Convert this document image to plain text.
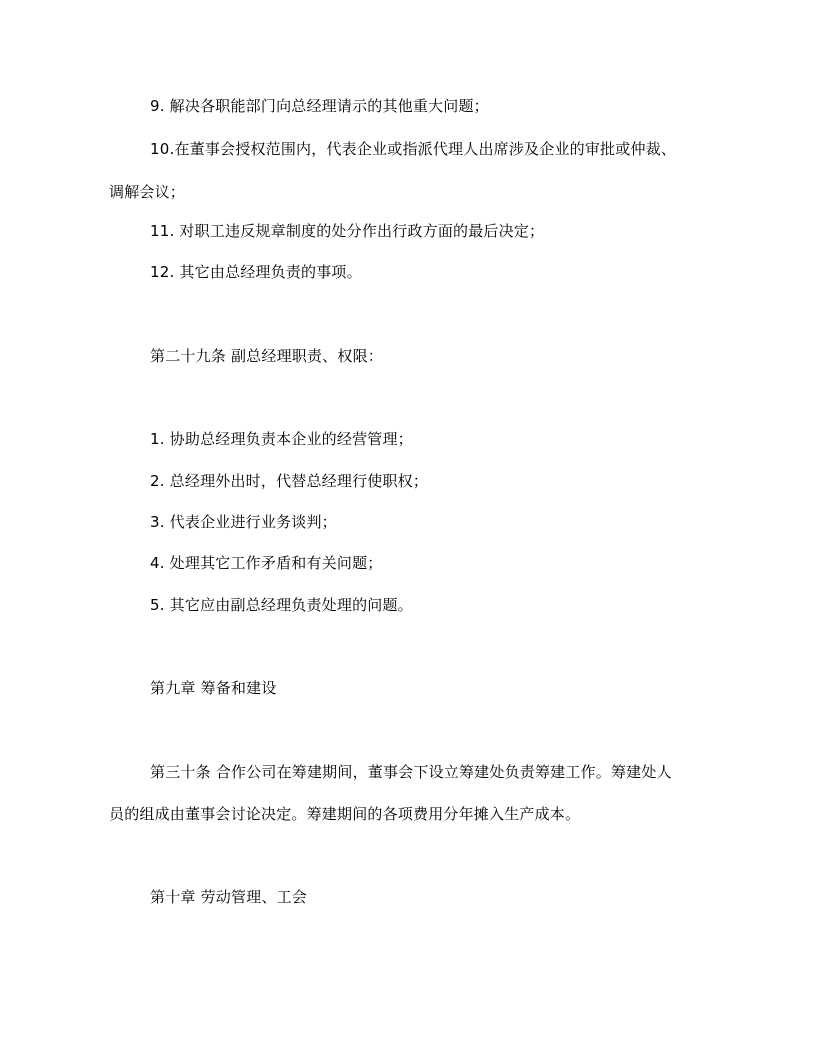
9. 解决各职能部门向总经理请示的其他重大问题；
10.在董事会授权范围内，代表企业或指派代理人出席涉及企业的审批或仲裁、
调解会议；
11. 对职工违反规章制度的处分作出行政方面的最后决定；
12. 其它由总经理负责的事项。
第二十九条 副总经理职责、权限：
1. 协助总经理负责本企业的经营管理；
2. 总经理外出时，代替总经理行使职权；
3. 代表企业进行业务谈判；
4. 处理其它工作矛盾和有关问题；
5. 其它应由副总经理负责处理的问题。
第九章 筹备和建设
第三十条 合作公司在筹建期间，董事会下设立筹建处负责筹建工作。筹建处人
员的组成由董事会讨论决定。筹建期间的各项费用分年摊入生产成本。
第十章 劳动管理、工会
